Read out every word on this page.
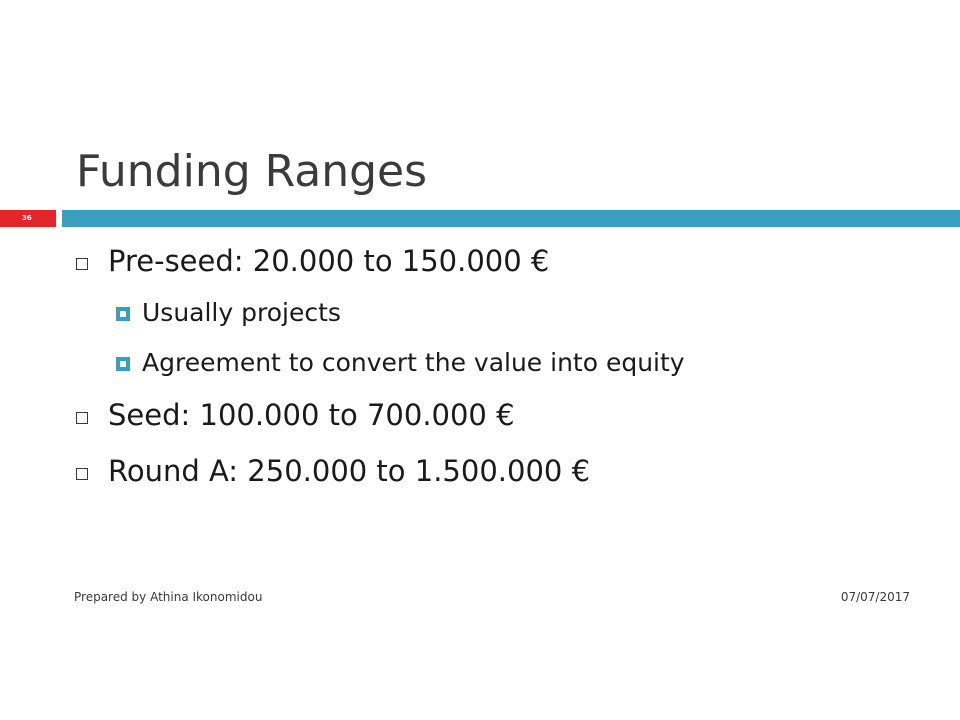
Funding Ranges
36
Pre-seed: 20.000 to 150.000 €
Usually projects
Agreement to convert the value into equity
Seed: 100.000 to 700.000 €
Round A: 250.000 to 1.500.000 €
Prepared by Athina Ikonomidou	07/07/2017
